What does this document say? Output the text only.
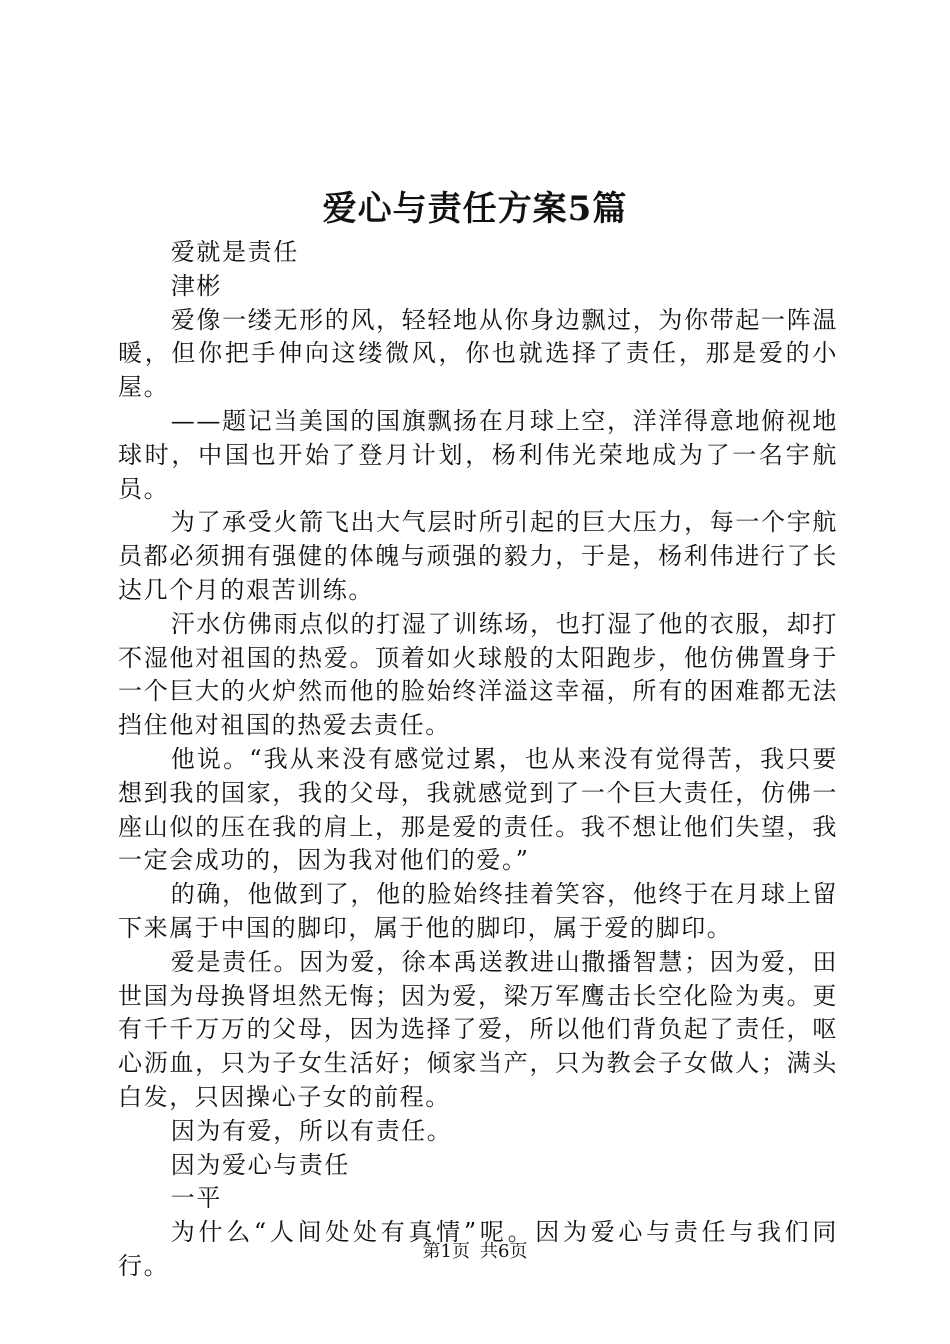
爱心与责任方案5篇

爱就是责任

津彬

爱像一缕无形的风，轻轻地从你身边飘过，为你带起一阵温暖，但你把手伸向这缕微风，你也就选择了责任，那是爱的小屋。

——题记当美国的国旗飘扬在月球上空，洋洋得意地俯视地球时，中国也开始了登月计划，杨利伟光荣地成为了一名宇航员。

为了承受火箭飞出大气层时所引起的巨大压力，每一个宇航员都必须拥有强健的体魄与顽强的毅力，于是，杨利伟进行了长达几个月的艰苦训练。

汗水仿佛雨点似的打湿了训练场，也打湿了他的衣服，却打不湿他对祖国的热爱。顶着如火球般的太阳跑步，他仿佛置身于一个巨大的火炉然而他的脸始终洋溢这幸福，所有的困难都无法挡住他对祖国的热爱去责任。

他说。“我从来没有感觉过累，也从来没有觉得苦，我只要想到我的国家，我的父母，我就感觉到了一个巨大责任，仿佛一座山似的压在我的肩上，那是爱的责任。我不想让他们失望，我一定会成功的，因为我对他们的爱。”

的确，他做到了，他的脸始终挂着笑容，他终于在月球上留下来属于中国的脚印，属于他的脚印，属于爱的脚印。

爱是责任。因为爱，徐本禹送教进山撒播智慧；因为爱，田世国为母换肾坦然无悔；因为爱，梁万军鹰击长空化险为夷。更有千千万万的父母，因为选择了爱，所以他们背负起了责任，呕心沥血，只为子女生活好；倾家当产，只为教会子女做人；满头白发，只因操心子女的前程。

因为有爱，所以有责任。

因为爱心与责任

一平

为什么“人间处处有真情”呢。因为爱心与责任与我们同行。

第1页 共6页
